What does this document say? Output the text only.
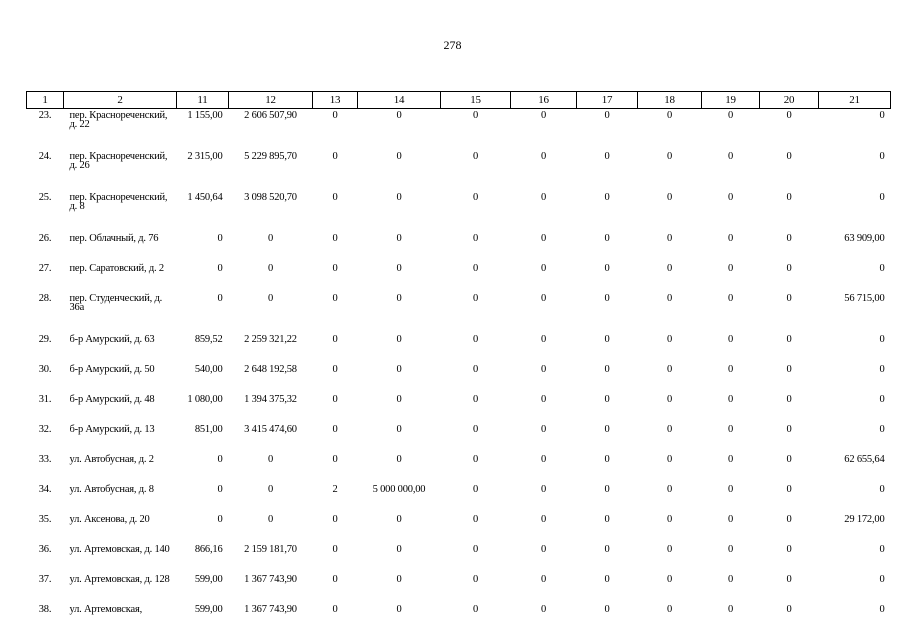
278
1	2	11	12	13	14	15	16	17	18	19	20	21
23.	пер. Краснореченский, д. 22	1 155,00	2 606 507,90	0	0	0	0	0	0	0	0	0
24.	пер. Краснореченский, д. 26	2 315,00	5 229 895,70	0	0	0	0	0	0	0	0	0
25.	пер. Краснореченский, д. 8	1 450,64	3 098 520,70	0	0	0	0	0	0	0	0	0
26.	пер. Облачный, д. 76	0	0	0	0	0	0	0	0	0	0	63 909,00
27.	пер. Саратовский, д. 2	0	0	0	0	0	0	0	0	0	0	0
28.	пер. Студенческий, д. 36а	0	0	0	0	0	0	0	0	0	0	56 715,00
29.	б-р Амурский, д. 63	859,52	2 259 321,22	0	0	0	0	0	0	0	0	0
30.	б-р Амурский, д. 50	540,00	2 648 192,58	0	0	0	0	0	0	0	0	0
31.	б-р Амурский, д. 48	1 080,00	1 394 375,32	0	0	0	0	0	0	0	0	0
32.	б-р Амурский, д. 13	851,00	3 415 474,60	0	0	0	0	0	0	0	0	0
33.	ул. Автобусная, д. 2	0	0	0	0	0	0	0	0	0	0	62 655,64
34.	ул. Автобусная, д. 8	0	0	2	5 000 000,00	0	0	0	0	0	0	0
35.	ул. Аксенова, д. 20	0	0	0	0	0	0	0	0	0	0	29 172,00
36.	ул. Артемовская, д. 140	866,16	2 159 181,70	0	0	0	0	0	0	0	0	0
37.	ул. Артемовская, д. 128	599,00	1 367 743,90	0	0	0	0	0	0	0	0	0
38.	ул. Артемовская,	599,00	1 367 743,90	0	0	0	0	0	0	0	0	0
